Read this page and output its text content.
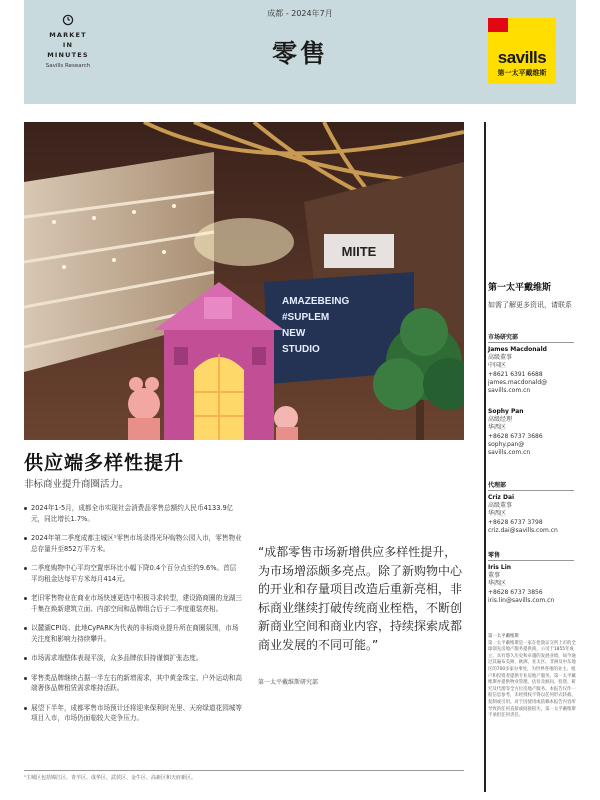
MARKET
IN
MINUTES
Savills Research
成都 - 2024年7月
零售	savills
第一太平戴维斯
MIITE
AMAZEBEING
#SUPLEM
NEW
STUDIO
供应端多样性提升
非标商业提升商圈活力。
2024年1-5月，成都全市实现社会消费品零售总额约人民币4133.9亿元，同比增长1.7%。
2024年第二季度成都主城区¹零售市场录得光环购物公园入市，零售物业总存量升至852万平方米。
二季度购物中心平均空置率环比小幅下降0.4个百分点至约9.6%。首层平均租金达每平方米每月414元。
老旧零售物业在商业市场快速更迭中积极寻求转型，建设路商圈的龙湖三千集在焕新建筑立面、内部空间和品牌组合后于二季度重装亮相。
以麓湖CPI岛、此地CyPARK为代表的非标商业提升所在商圈氛围，市场关注度和影响力持续攀升。
市场需求端整体表现平淡，众多品牌依旧持谨慎扩张态度。
零售类品牌继续占据一半左右的新增需求，其中黄金珠宝、户外运动和高端奢侈品牌租赁需求维持活跃。
展望下半年，成都零售市场预计还将迎来保利时光里、天府绿道花园城等项目入市，市场仍面临较大竞争压力。
¹主城区包括锦江区、青羊区、成华区、武侯区、金牛区、高新区和天府新区。
“成都零售市场新增供应多样性提升，为市场增添颇多亮点。除了新购物中心的开业和存量项目改造后重新亮相，非标商业继续打破传统商业桎梏，不断创新商业空间和商业内容，持续探索成都商业发展的不同可能。”
第一太平戴维斯研究部
第一太平戴维斯
如需了解更多资讯，请联系
市场研究部
James Macdonald
高级董事
中国区
+8621 6391 6688
james.macdonald@
savills.com.cn
Sophy Pan
高级经理
华西区
+8628 6737 3686
sophy.pan@
savills.com.cn
代理部
Criz Dai
高级董事
华西区
+8628 6737 3798
criz.dai@savills.com.cn
零售
Iris Lin
董事
华西区
+8628 6737 3856
iris.lin@savills.com.cn
第一太平戴维斯
第一太平戴维斯是一家在伦敦证交所上市的全球领先房地产服务提供商，公司于1855年成立，具有悠久历史和卓越的发展业绩，如今通过其遍布美洲、欧洲、亚太区、非洲及中东地区的700多家办事处，为世界各地的业主、租户和投资者提供专业房地产服务。第一太平戴维斯亦提供物业管理、估价及顾问、投资、研究及代理等全方位房地产服务。本报告仅作一般信息参考，未经授权不得以任何形式转载、复制或引用。对于因使用或依赖本报告内容所导致的任何直接或间接损失，第一太平戴维斯不承担任何责任。
